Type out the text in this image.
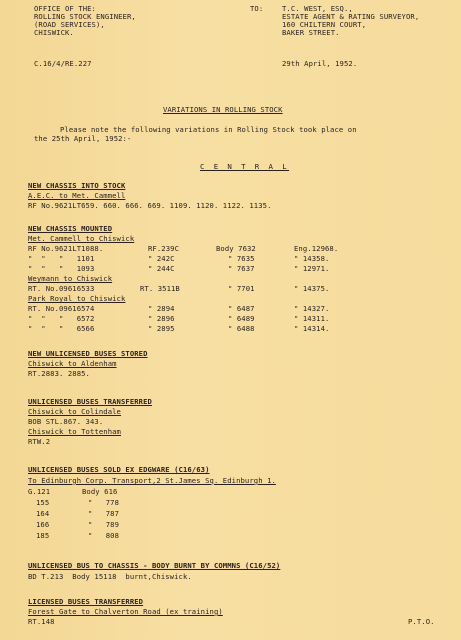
OFFICE OF THE:
ROLLING STOCK ENGINEER,
(ROAD SERVICES),
CHISWICK.
TO:	T.C. WEST, ESQ.,
ESTATE AGENT & RATING SURVEYOR,
160 CHILTERN COURT,
BAKER STREET.
C.16/4/RE.227	29th April, 1952.
VARIATIONS IN ROLLING STOCK
Please note the following variations in Rolling Stock took place on
the 25th April, 1952:-
C E N T R A L
NEW CHASSIS INTO STOCK
A.E.C. to Met. Cammell
RF No.9621LT659. 660. 666. 669. 1109. 1120. 1122. 1135.
NEW CHASSIS MOUNTED
Met. Cammell to Chiswick
RF No.9621LT1088.	RF.239C	Body 7632	Eng.12968.
"  "   "   1101	" 242C	" 7635	" 14358.
"  "   "   1093	" 244C	" 7637	" 12971.
Weymann to Chiswick
RT. No.09616533	RT. 3511B	" 7701	" 14375.
Park Royal to Chiswick
RT. No.09616574	" 2894	" 6487	" 14327.
"  "   "   6572	" 2896	" 6489	" 14311.
"  "   "   6566	" 2895	" 6488	" 14314.
NEW UNLICENSED BUSES STORED
Chiswick to Aldenham
RT.2883. 2885.
UNLICENSED BUSES TRANSFERRED
Chiswick to Colindale
BOB STL.867. 343.
Chiswick to Tottenham
RTW.2
UNLICENSED BUSES SOLD EX EDGWARE (C16/63)
To Edinburgh Corp. Transport,2 St.James Sq. Edinburgh 1.
G.121	Body 616
155	"   778
164	"   787
166	"   789
185	"   808
UNLICENSED BUS TO CHASSIS - BODY BURNT BY COMMNS (C16/52)
BD T.213  Body 15118  burnt,Chiswick.
LICENSED BUSES TRANSFERRED
Forest Gate to Chalverton Road (ex training)
RT.148	P.T.O.
